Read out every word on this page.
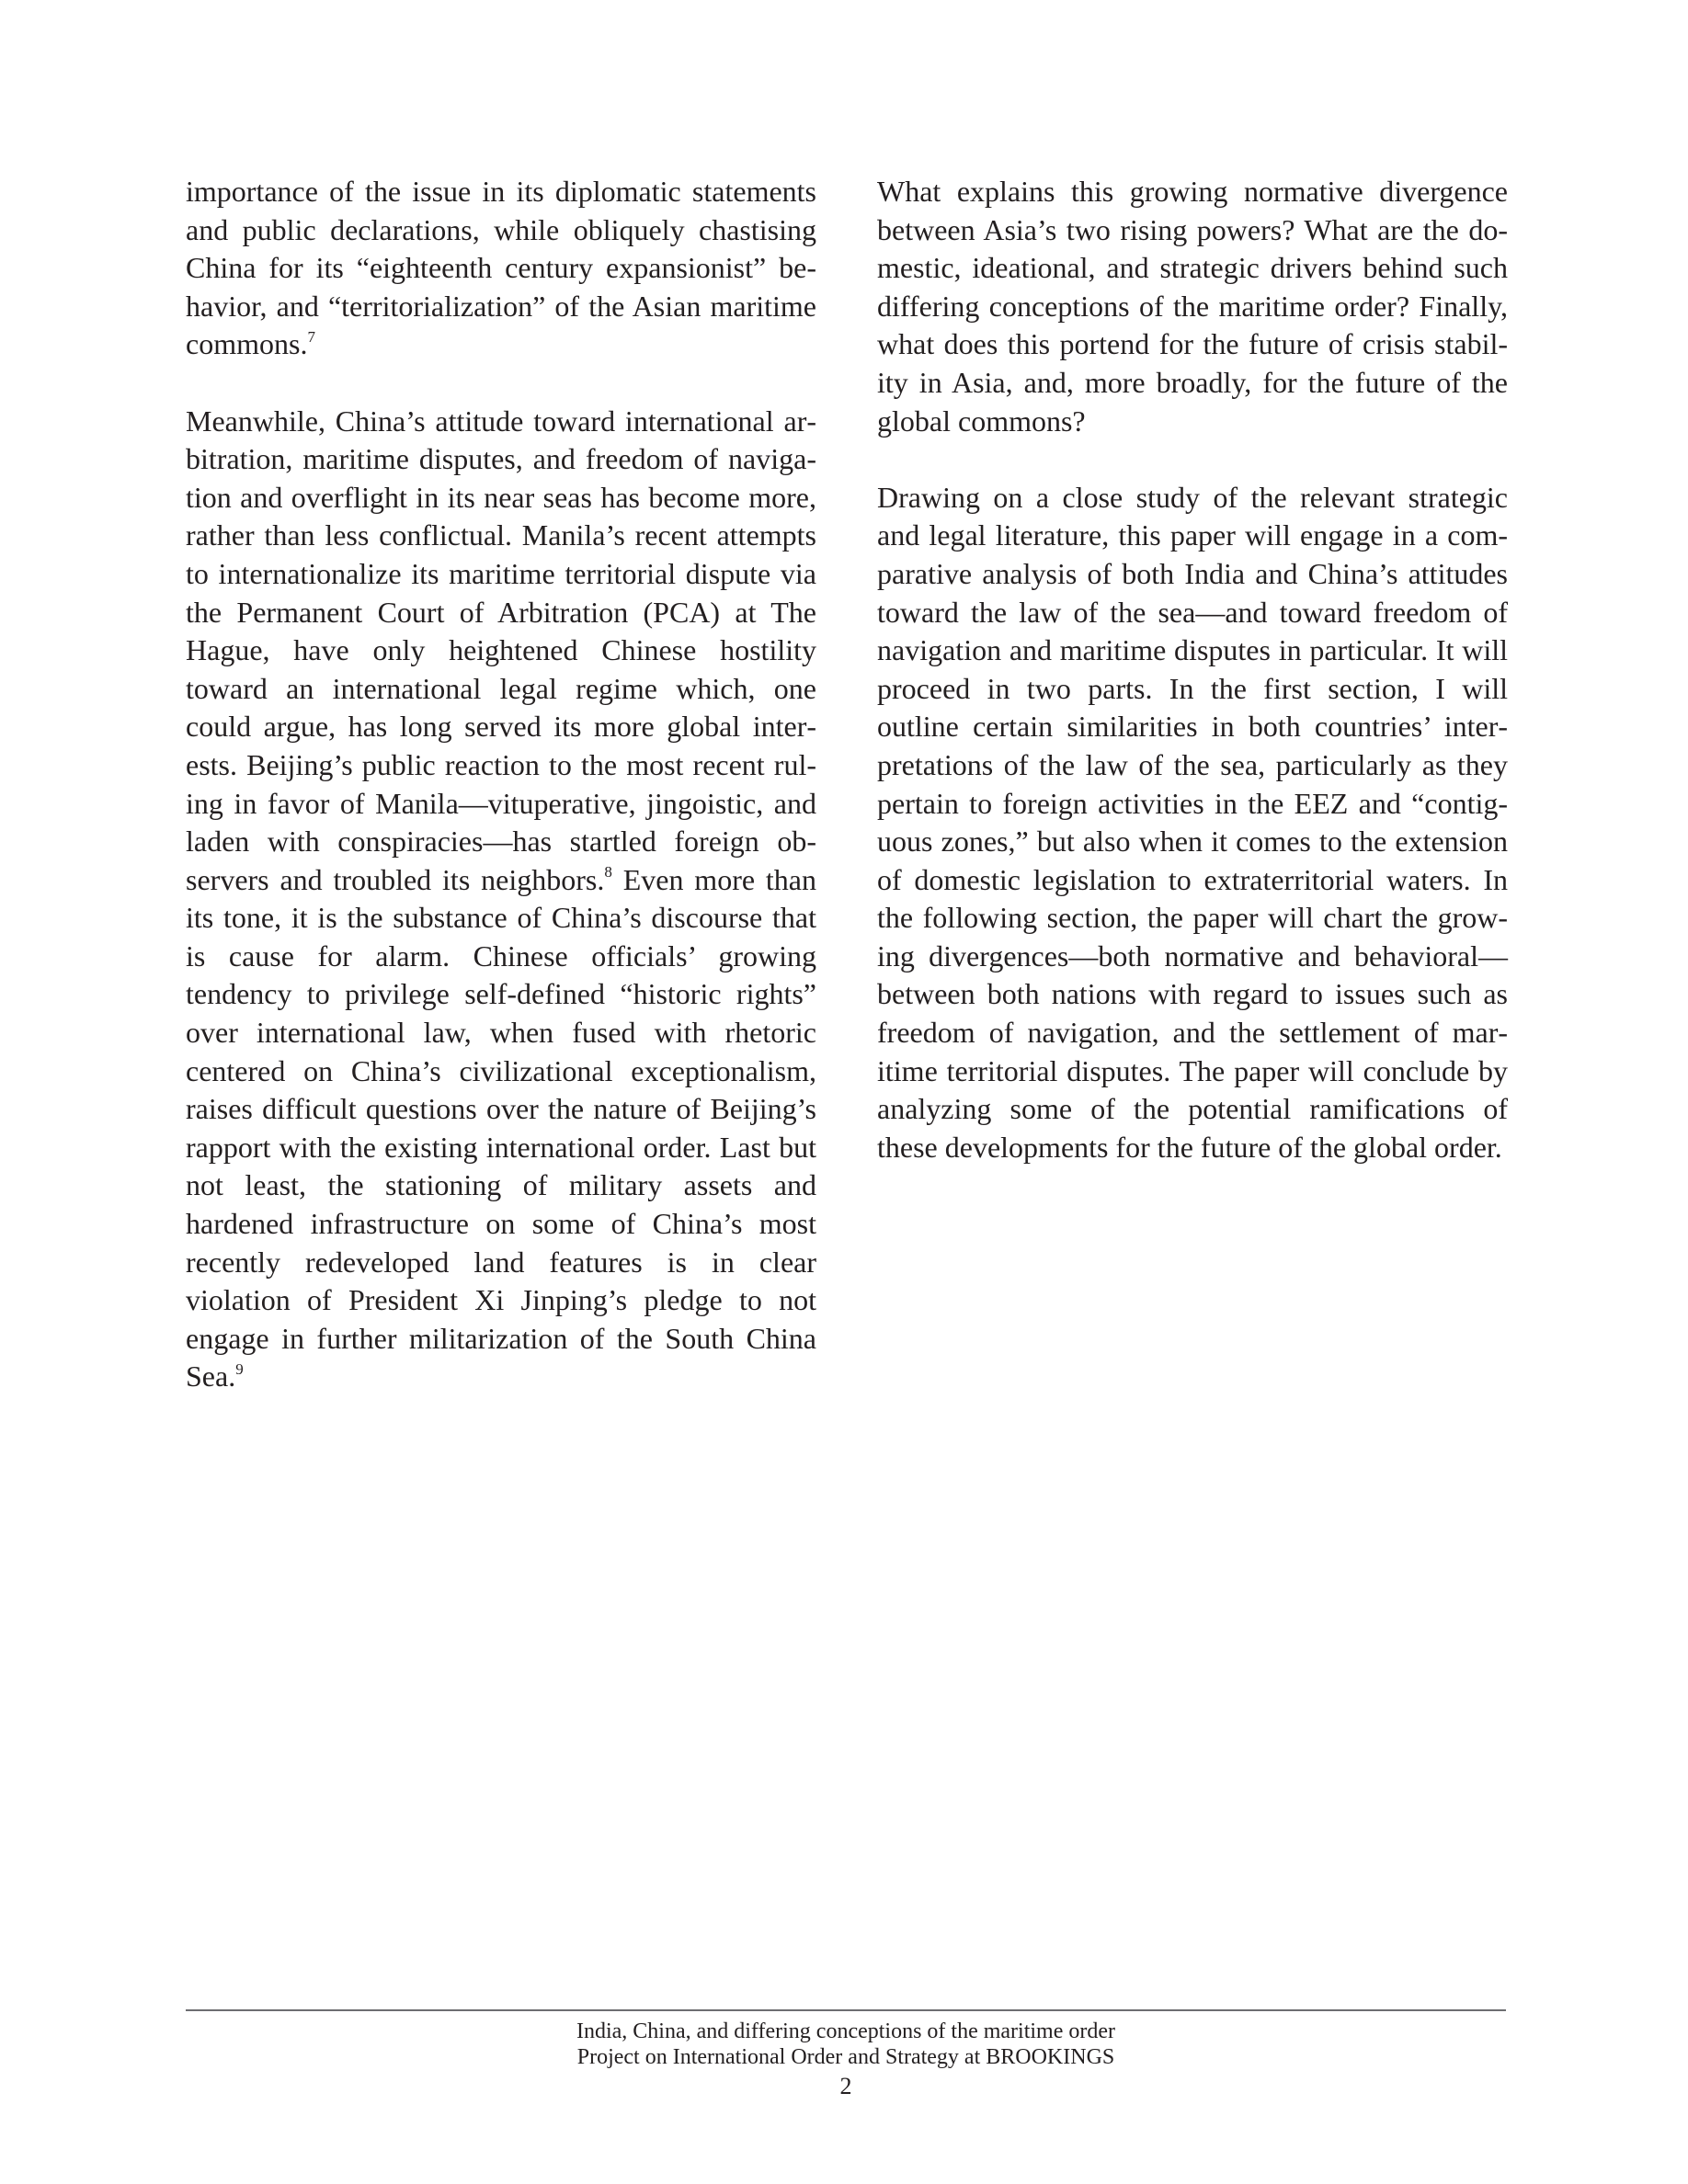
importance of the issue in its diplomatic statements and public declarations, while obliquely chastising China for its “eighteenth century expansionist” behavior, and “territorialization” of the Asian maritime commons.$^7$

Meanwhile, China’s attitude toward international arbitration, maritime disputes, and freedom of navigation and overflight in its near seas has become more, rather than less conflictual. Manila’s recent attempts to internationalize its maritime territorial dispute via the Permanent Court of Arbitration (PCA) at The Hague, have only heightened Chinese hostility toward an international legal regime which, one could argue, has long served its more global interests. Beijing’s public reaction to the most recent ruling in favor of Manila—vituperative, jingoistic, and laden with conspiracies—has startled foreign observers and troubled its neighbors.$^8$ Even more than its tone, it is the substance of China’s discourse that is cause for alarm. Chinese officials’ growing tendency to privilege self-defined “historic rights” over international law, when fused with rhetoric centered on China’s civilizational exceptionalism, raises difficult questions over the nature of Beijing’s rapport with the existing international order. Last but not least, the stationing of military assets and hardened infrastructure on some of China’s most recently redeveloped land features is in clear violation of President Xi Jinping’s pledge to not engage in further militarization of the South China Sea.$^9$

What explains this growing normative divergence between Asia’s two rising powers? What are the domestic, ideational, and strategic drivers behind such differing conceptions of the maritime order? Finally, what does this portend for the future of crisis stability in Asia, and, more broadly, for the future of the global commons?

Drawing on a close study of the relevant strategic and legal literature, this paper will engage in a comparative analysis of both India and China’s attitudes toward the law of the sea—and toward freedom of navigation and maritime disputes in particular. It will proceed in two parts. In the first section, I will outline certain similarities in both countries’ interpretations of the law of the sea, particularly as they pertain to foreign activities in the EEZ and “contiguous zones,” but also when it comes to the extension of domestic legislation to extraterritorial waters. In the following section, the paper will chart the growing divergences—both normative and behavioral— between both nations with regard to issues such as freedom of navigation, and the settlement of maritime territorial disputes. The paper will conclude by analyzing some of the potential ramifications of these developments for the future of the global order.

India, China, and differing conceptions of the maritime order
Project on International Order and Strategy at BROOKINGS
2
